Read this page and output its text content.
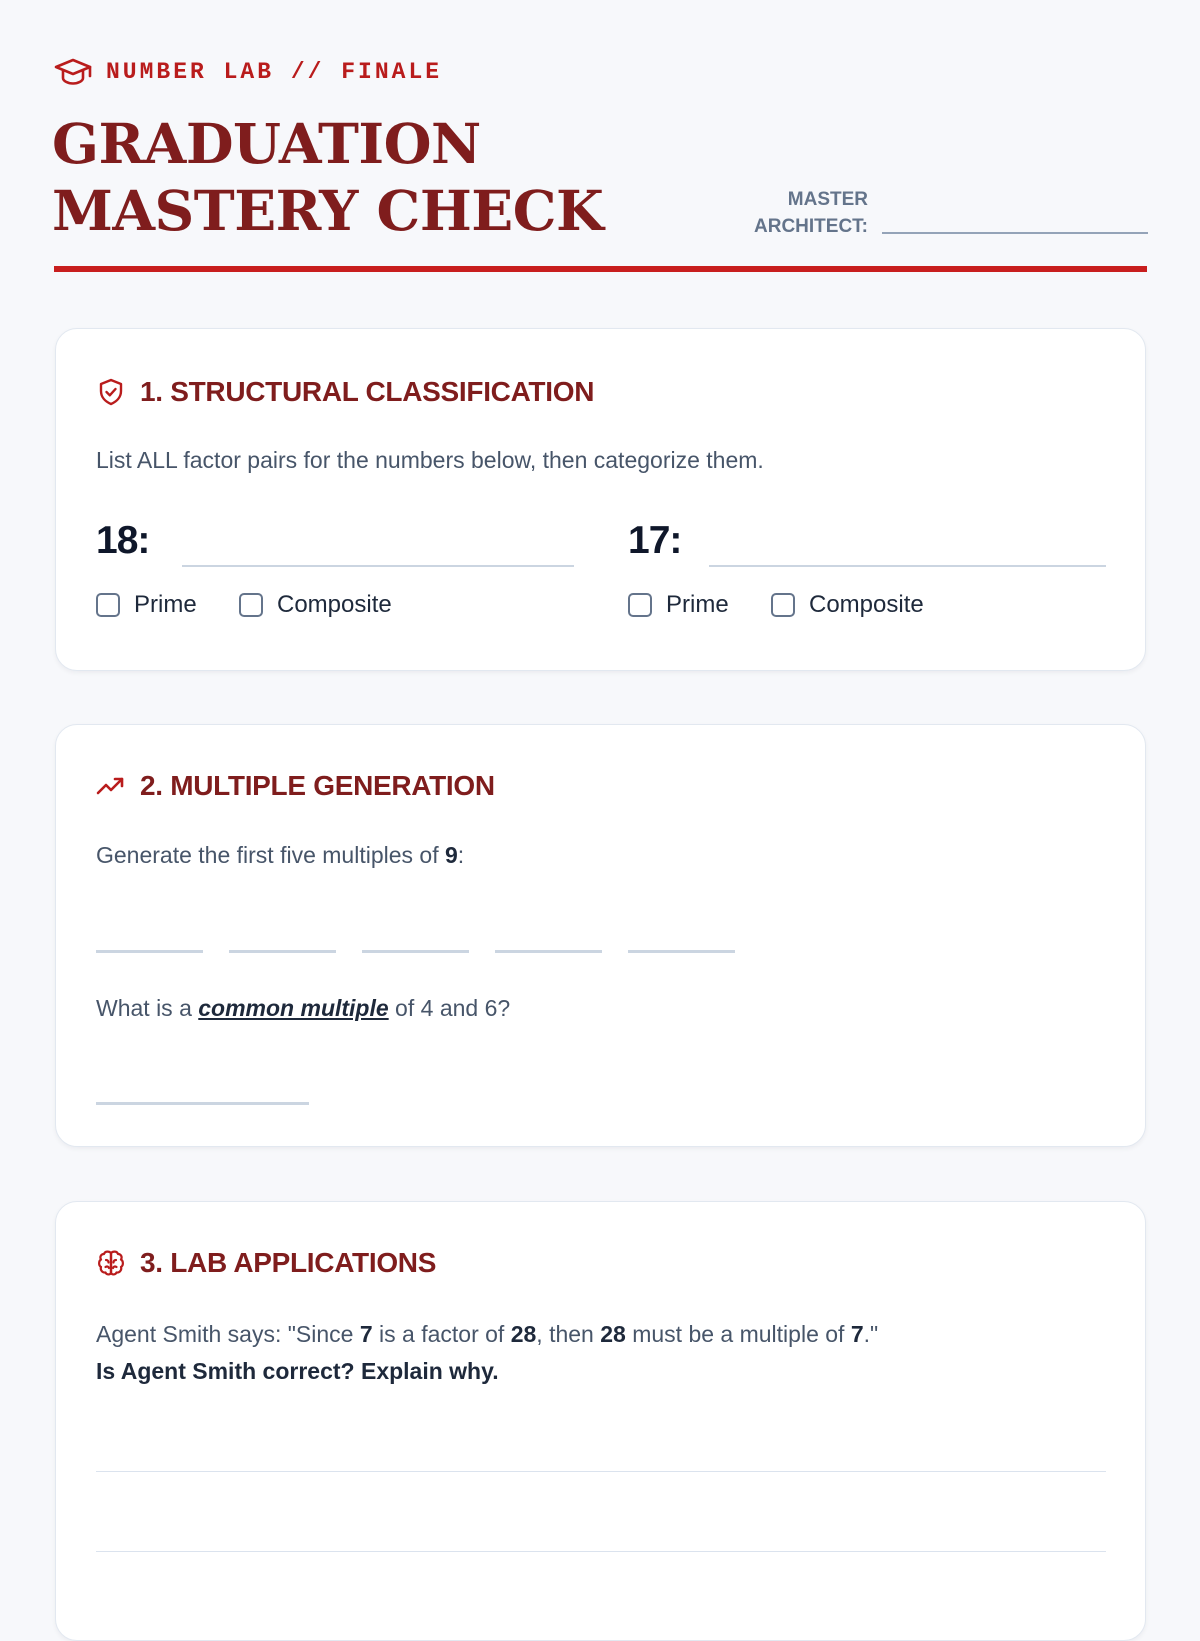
NUMBER LAB // FINALE
GRADUATION
MASTERY CHECK	MASTER ARCHITECT:
1. STRUCTURAL CLASSIFICATION
List ALL factor pairs for the numbers below, then categorize them.
18:
Prime	Composite
17:
Prime	Composite
2. MULTIPLE GENERATION
Generate the first five multiples of 9:
What is a common multiple of 4 and 6?
3. LAB APPLICATIONS
Agent Smith says: "Since 7 is a factor of 28, then 28 must be a multiple of 7."
Is Agent Smith correct? Explain why.
